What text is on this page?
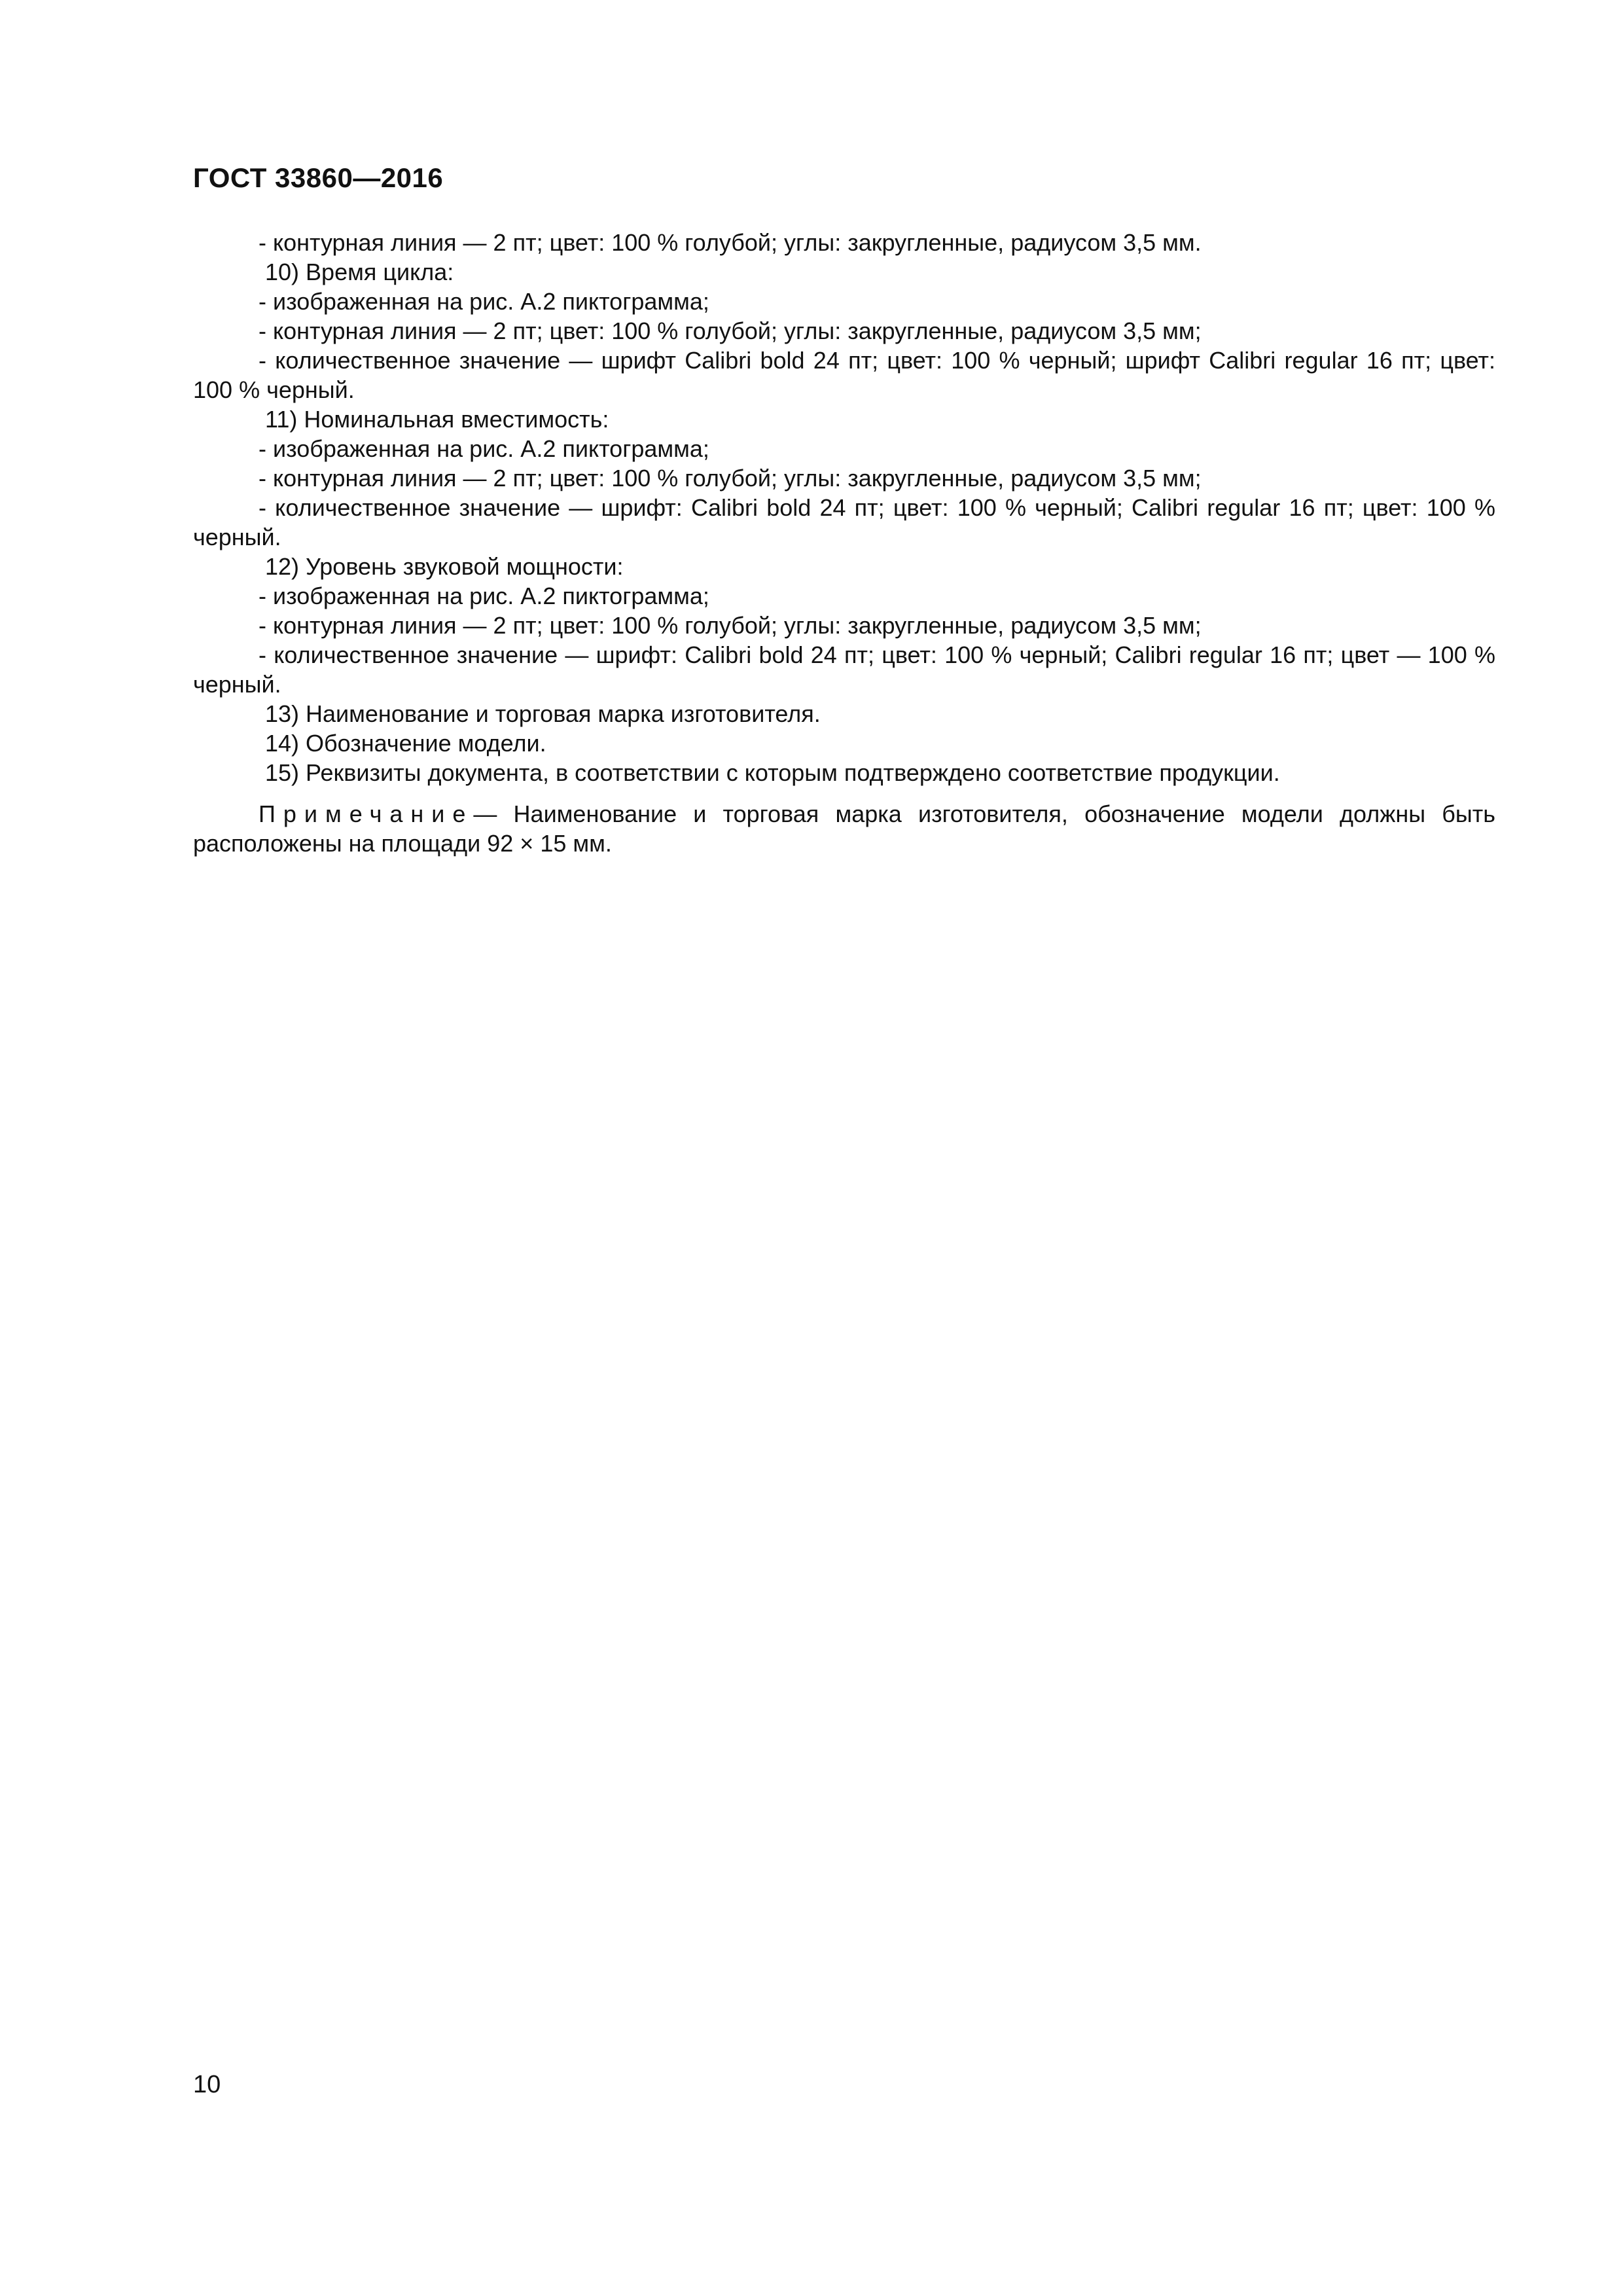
ГОСТ 33860—2016

- контурная линия — 2 пт; цвет: 100 % голубой; углы: закругленные, радиусом 3,5 мм.

10) Время цикла:

- изображенная на рис. А.2 пиктограмма;

- контурная линия — 2 пт; цвет: 100 % голубой; углы: закругленные, радиусом 3,5 мм;

- количественное значение — шрифт Calibri bold 24 пт; цвет: 100 % черный; шрифт Calibri regular 16 пт; цвет: 100 % черный.

11) Номинальная вместимость:

- изображенная на рис. А.2 пиктограмма;

- контурная линия — 2 пт; цвет: 100 % голубой; углы: закругленные, радиусом 3,5 мм;

- количественное значение — шрифт: Calibri bold 24 пт; цвет: 100 % черный; Calibri regular 16 пт; цвет: 100 % черный.

12) Уровень звуковой мощности:

- изображенная на рис. А.2 пиктограмма;

- контурная линия — 2 пт; цвет: 100 % голубой; углы: закругленные, радиусом 3,5 мм;

- количественное значение — шрифт: Calibri bold 24 пт; цвет: 100 % черный; Calibri regular 16 пт; цвет — 100 % черный.

13) Наименование и торговая марка изготовителя.

14) Обозначение модели.

15) Реквизиты документа, в соответствии с которым подтверждено соответствие продукции.

Примечание— Наименование и торговая марка изготовителя, обозначение модели должны быть расположены на площади 92 × 15 мм.

10
